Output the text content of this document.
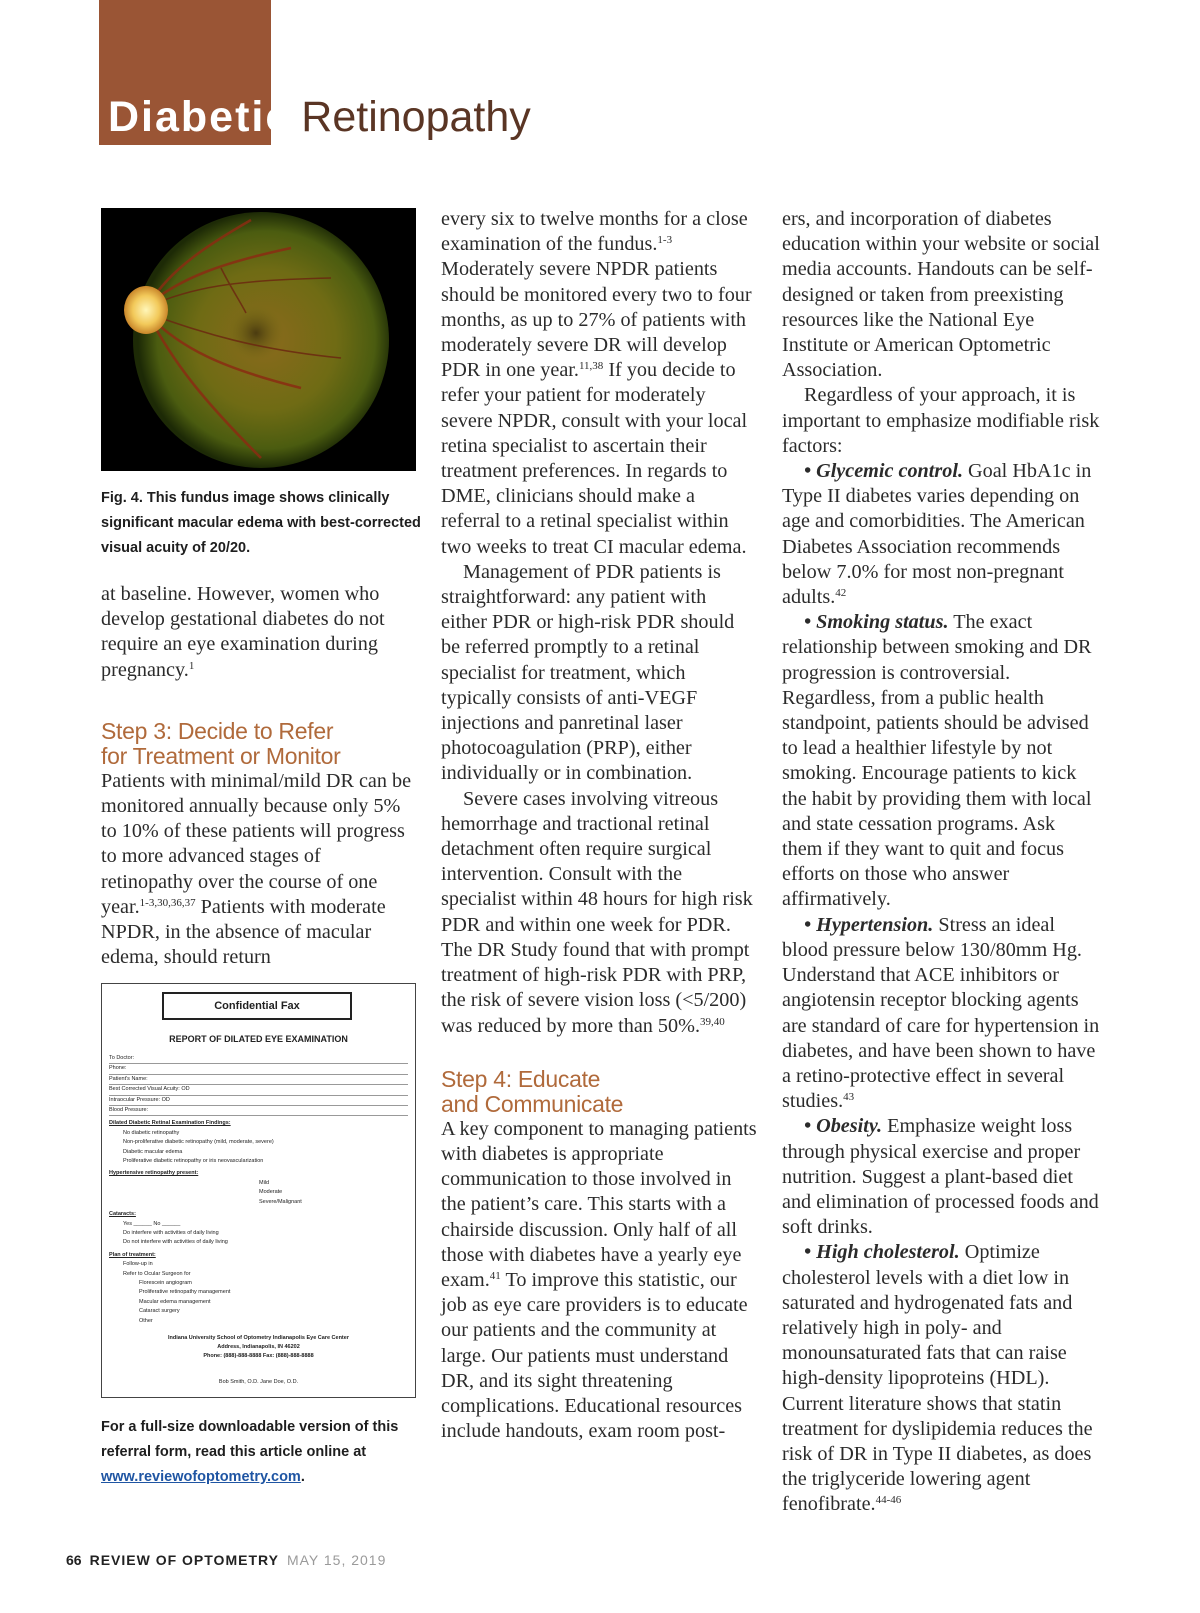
Diabetic Retinopathy
Fig. 4. This fundus image shows clinically significant macular edema with best-corrected visual acuity of 20/20.

at baseline. However, women who develop gestational diabetes do not require an eye examination during pregnancy.$^1$

Step 3: Decide to Refer
for Treatment or Monitor

Patients with minimal/mild DR can be monitored annually because only 5% to 10% of these patients will progress to more advanced stages of retinopathy over the course of one year.$^{1-3,30,36,37}$ Patients with moderate NPDR, in the absence of macular edema, should return

Confidential Fax
REPORT OF DILATED EYE EXAMINATION
To Doctor:
Phone:
Patient's Name:
Best Corrected Visual Acuity: OD
Intraocular Pressure: OD
Blood Pressure:
Dilated Diabetic Retinal Examination Findings:
No diabetic retinopathy
Non-proliferative diabetic retinopathy (mild, moderate, severe)
Diabetic macular edema
Proliferative diabetic retinopathy or iris neovascularization
Hypertensive retinopathy present:
Mild
Moderate
Severe/Malignant
Cataracts:
Yes ______ No ______
Do interfere with activities of daily living
Do not interfere with activities of daily living
Plan of treatment:
Follow-up in
Refer to Ocular Surgeon for
Florescein angiogram
Proliferative retinopathy management
Macular edema management
Cataract surgery
Other
Indiana University School of Optometry Indianapolis Eye Care Center
Address, Indianapolis, IN 46202
Phone: (888)-888-8888 Fax: (888)-888-8888
Bob Smith, O.D. Jane Doe, O.D.
For a full-size downloadable version of this referral form, read this article online at www.reviewofoptometry.com.

every six to twelve months for a close examination of the fundus.$^{1-3}$ Moderately severe NPDR patients should be monitored every two to four months, as up to 27% of patients with moderately severe DR will develop PDR in one year.$^{11,38}$ If you decide to refer your patient for moderately severe NPDR, consult with your local retina specialist to ascertain their treatment preferences. In regards to DME, clinicians should make a referral to a retinal specialist within two weeks to treat CI macular edema.

Management of PDR patients is straightforward: any patient with either PDR or high-risk PDR should be referred promptly to a retinal specialist for treatment, which typically consists of anti-VEGF injections and panretinal laser photocoagulation (PRP), either individually or in combination.

Severe cases involving vitreous hemorrhage and tractional retinal detachment often require surgical intervention. Consult with the specialist within 48 hours for high risk PDR and within one week for PDR. The DR Study found that with prompt treatment of high-risk PDR with PRP, the risk of severe vision loss (<5/200) was reduced by more than 50%.$^{39,40}$

Step 4: Educate
and Communicate

A key component to managing patients with diabetes is appropriate communication to those involved in the patient’s care. This starts with a chairside discussion. Only half of all those with diabetes have a yearly eye exam.$^{41}$ To improve this statistic, our job as eye care providers is to educate our patients and the community at large. Our patients must understand DR, and its sight threatening complications. Educational resources include handouts, exam room post-

ers, and incorporation of diabetes education within your website or social media accounts. Handouts can be self-designed or taken from preexisting resources like the National Eye Institute or American Optometric Association.

Regardless of your approach, it is important to emphasize modifiable risk factors:

• Glycemic control. Goal HbA1c in Type II diabetes varies depending on age and comorbidities. The American Diabetes Association recommends below 7.0% for most non-pregnant adults.$^{42}$

• Smoking status. The exact relationship between smoking and DR progression is controversial. Regardless, from a public health standpoint, patients should be advised to lead a healthier lifestyle by not smoking. Encourage patients to kick the habit by providing them with local and state cessation programs. Ask them if they want to quit and focus efforts on those who answer affirmatively.

• Hypertension. Stress an ideal blood pressure below 130/80mm Hg. Understand that ACE inhibitors or angiotensin receptor blocking agents are standard of care for hypertension in diabetes, and have been shown to have a retino-protective effect in several studies.$^{43}$

• Obesity. Emphasize weight loss through physical exercise and proper nutrition. Suggest a plant-based diet and elimination of processed foods and soft drinks.

• High cholesterol. Optimize cholesterol levels with a diet low in saturated and hydrogenated fats and relatively high in poly- and monounsaturated fats that can raise high-density lipoproteins (HDL). Current literature shows that statin treatment for dyslipidemia reduces the risk of DR in Type II diabetes, as does the triglyceride lowering agent fenofibrate.$^{44-46}$

66 REVIEW OF OPTOMETRY MAY 15, 2019
